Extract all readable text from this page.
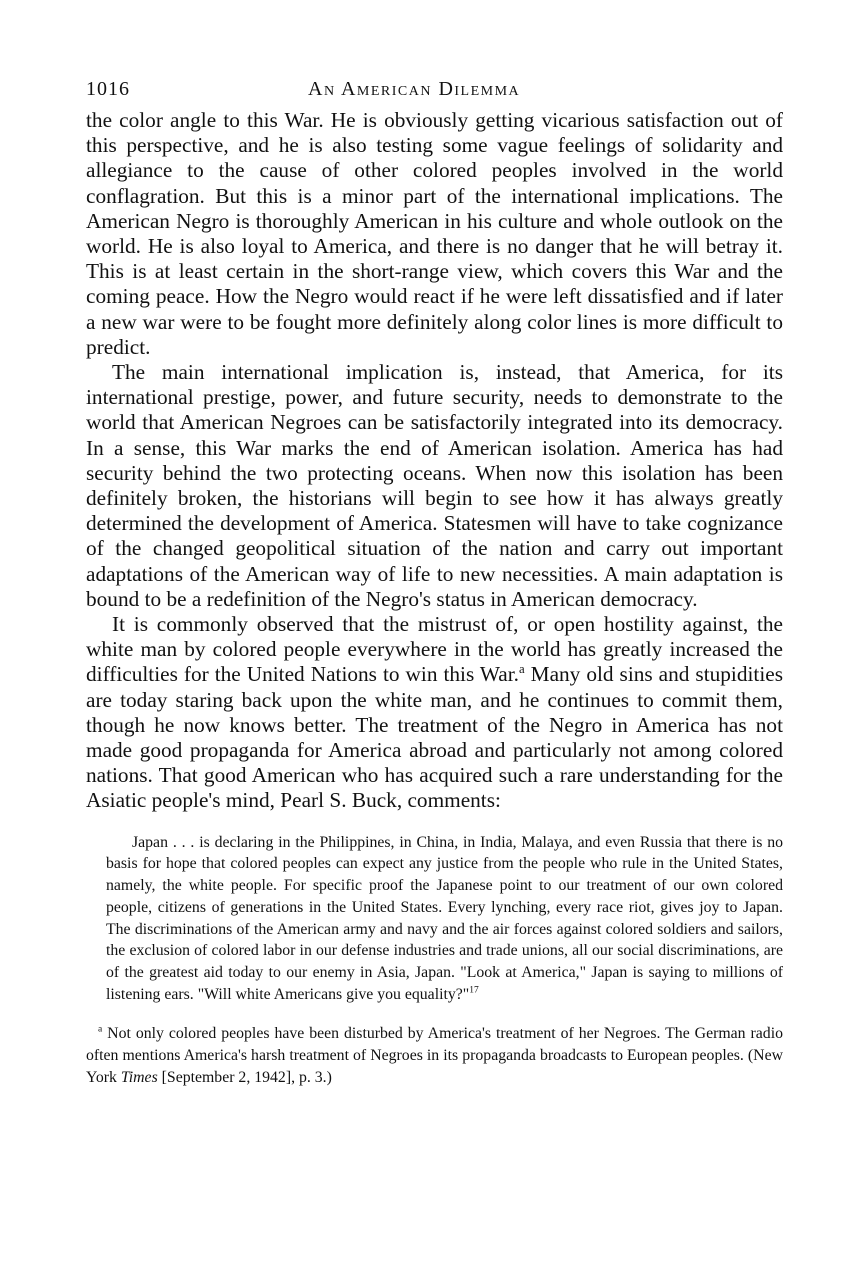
1016	An American Dilemma

the color angle to this War. He is obviously getting vicarious satisfaction out of this perspective, and he is also testing some vague feelings of solidarity and allegiance to the cause of other colored peoples involved in the world conflagration. But this is a minor part of the international implications. The American Negro is thoroughly American in his culture and whole outlook on the world. He is also loyal to America, and there is no danger that he will betray it. This is at least certain in the short-range view, which covers this War and the coming peace. How the Negro would react if he were left dissatisfied and if later a new war were to be fought more definitely along color lines is more difficult to predict.

The main international implication is, instead, that America, for its international prestige, power, and future security, needs to demonstrate to the world that American Negroes can be satisfactorily integrated into its democracy. In a sense, this War marks the end of American isolation. America has had security behind the two protecting oceans. When now this isolation has been definitely broken, the historians will begin to see how it has always greatly determined the development of America. Statesmen will have to take cognizance of the changed geopolitical situation of the nation and carry out important adaptations of the American way of life to new necessities. A main adaptation is bound to be a redefinition of the Negro's status in American democracy.

It is commonly observed that the mistrust of, or open hostility against, the white man by colored people everywhere in the world has greatly increased the difficulties for the United Nations to win this War.$^a$ Many old sins and stupidities are today staring back upon the white man, and he continues to commit them, though he now knows better. The treatment of the Negro in America has not made good propaganda for America abroad and particularly not among colored nations. That good American who has acquired such a rare understanding for the Asiatic people's mind, Pearl S. Buck, comments:

Japan . . . is declaring in the Philippines, in China, in India, Malaya, and even Russia that there is no basis for hope that colored peoples can expect any justice from the people who rule in the United States, namely, the white people. For specific proof the Japanese point to our treatment of our own colored people, citizens of generations in the United States. Every lynching, every race riot, gives joy to Japan. The discriminations of the American army and navy and the air forces against colored soldiers and sailors, the exclusion of colored labor in our defense industries and trade unions, all our social discriminations, are of the greatest aid today to our enemy in Asia, Japan. "Look at America," Japan is saying to millions of listening ears. "Will white Americans give you equality?"$^{17}$

$^a$ Not only colored peoples have been disturbed by America's treatment of her Negroes. The German radio often mentions America's harsh treatment of Negroes in its propaganda broadcasts to European peoples. (New York Times [September 2, 1942], p. 3.)
